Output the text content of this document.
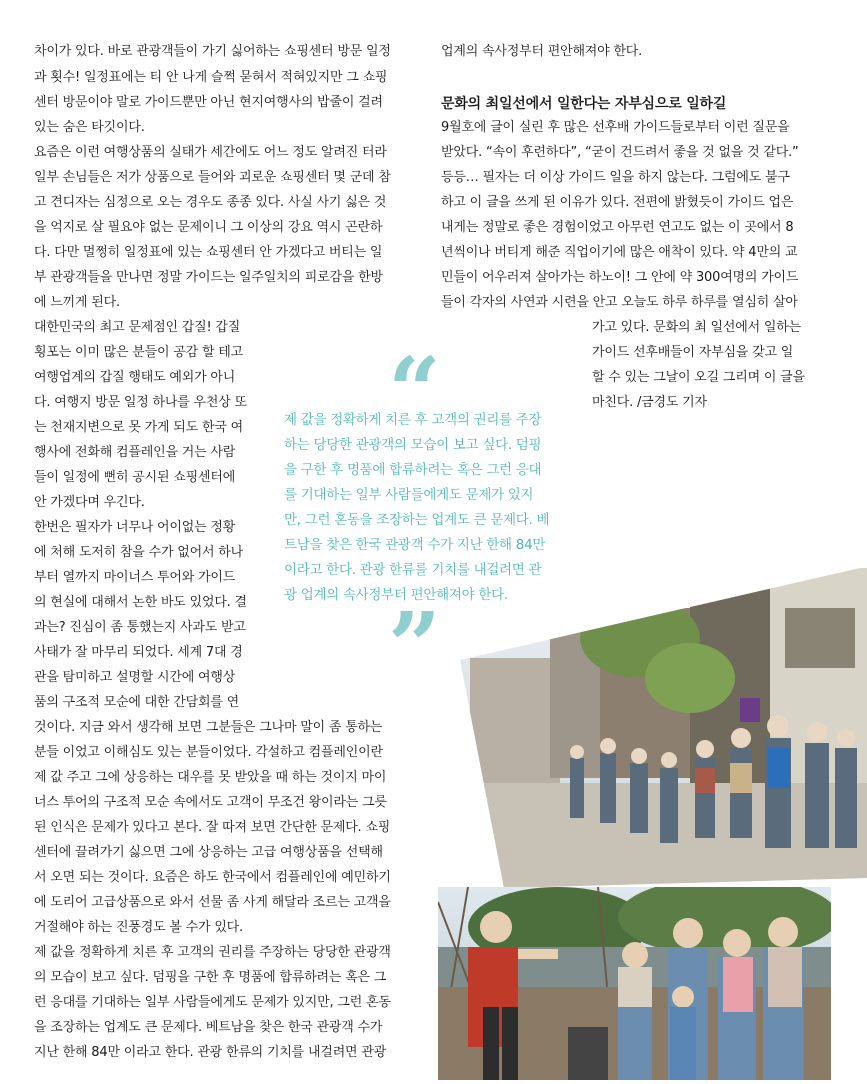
차이가 있다. 바로 관광객들이 가기 싫어하는 쇼핑센터 방문 일정
과 횟수! 일정표에는 티 안 나게 슬쩍 묻혀서 적혀있지만 그 쇼핑
센터 방문이야 말로 가이드뿐만 아닌 현지여행사의 밥줄이 걸려
있는 숨은 타깃이다.
요즘은 이런 여행상품의 실태가 세간에도 어느 정도 알려진 터라
일부 손님들은 저가 상품으로 들어와 괴로운 쇼핑센터 몇 군데 참
고 견디자는 심정으로 오는 경우도 종종 있다. 사실 사기 싫은 것
을 억지로 살 필요야 없는 문제이니 그 이상의 강요 역시 곤란하
다. 다만 멀쩡히 일정표에 있는 쇼핑센터 안 가겠다고 버티는 일
부 관광객들을 만나면 정말 가이드는 일주일치의 피로감을 한방
에 느끼게 된다.
대한민국의 최고 문제점인 갑질! 갑질
횡포는 이미 많은 분들이 공감 할 테고
여행업계의 갑질 행태도 예외가 아니
다. 여행지 방문 일정 하나를 우천상 또
는 천재지변으로 못 가게 되도 한국 여
행사에 전화해 컴플레인을 거는 사람
들이 일정에 뻔히 공시된 쇼핑센터에
안 가겠다며 우긴다.
한번은 필자가 너무나 어이없는 정황
에 처해 도저히 참을 수가 없어서 하나
부터 열까지 마이너스 투어와 가이드
의 현실에 대해서 논한 바도 있었다. 결
과는? 진심이 좀 통했는지 사과도 받고
사태가 잘 마무리 되었다. 세계 7대 경
관을 탐미하고 설명할 시간에 여행상
품의 구조적 모순에 대한 간담회를 연
것이다. 지금 와서 생각해 보면 그분들은 그나마 말이 좀 통하는
분들 이었고 이해심도 있는 분들이었다. 각설하고 컴플레인이란
제 값 주고 그에 상응하는 대우를 못 받았을 때 하는 것이지 마이
너스 투어의 구조적 모순 속에서도 고객이 무조건 왕이라는 그릇
된 인식은 문제가 있다고 본다. 잘 따져 보면 간단한 문제다. 쇼핑
센터에 끌려가기 싫으면 그에 상응하는 고급 여행상품을 선택해
서 오면 되는 것이다. 요즘은 하도 한국에서 컴플레인에 예민하기
에 도리어 고급상품으로 와서 선물 좀 사게 해달라 조르는 고객을
거절해야 하는 진풍경도 볼 수가 있다.
제 값을 정확하게 치른 후 고객의 권리를 주장하는 당당한 관광객
의 모습이 보고 싶다. 덤핑을 구한 후 명품에 합류하려는 혹은 그
런 응대를 기대하는 일부 사람들에게도 문제가 있지만, 그런 혼동
을 조장하는 업계도 큰 문제다. 베트남을 찾은 한국 관광객 수가
지난 한해 84만 이라고 한다. 관광 한류의 기치를 내걸려면 관광
업계의 속사정부터 편안해져야 한다.
문화의 최일선에서 일한다는 자부심으로 일하길
9월호에 글이 실린 후 많은 선후배 가이드들로부터 이런 질문을
받았다. “속이 후련하다”, “굳이 건드려서 좋을 것 없을 것 같다.”
등등… 필자는 더 이상 가이드 일을 하지 않는다. 그럼에도 불구
하고 이 글을 쓰게 된 이유가 있다. 전편에 밝혔듯이 가이드 업은
내게는 정말로 좋은 경험이었고 아무런 연고도 없는 이 곳에서 8
년씩이나 버티게 해준 직업이기에 많은 애착이 있다. 약 4만의 교
민들이 어우러져 살아가는 하노이! 그 안에 약 300여명의 가이드
들이 각자의 사연과 시련을 안고 오늘도 하루 하루를 열심히 살아
가고 있다. 문화의 최 일선에서 일하는
가이드 선후배들이 자부심을 갖고 일
할 수 있는 그날이 오길 그리며 이 글을
마친다. /금경도 기자
“
제 값을 정확하게 치른 후 고객의 권리를 주장
하는 당당한 관광객의 모습이 보고 싶다. 덤핑
을 구한 후 명품에 합류하려는 혹은 그런 응대
를 기대하는 일부 사람들에게도 문제가 있지
만, 그런 혼동을 조장하는 업계도 큰 문제다. 베
트남을 찾은 한국 관광객 수가 지난 한해 84만
이라고 한다. 관광 한류를 기치를 내걸려면 관
광 업계의 속사정부터 편안해져야 한다.
”
